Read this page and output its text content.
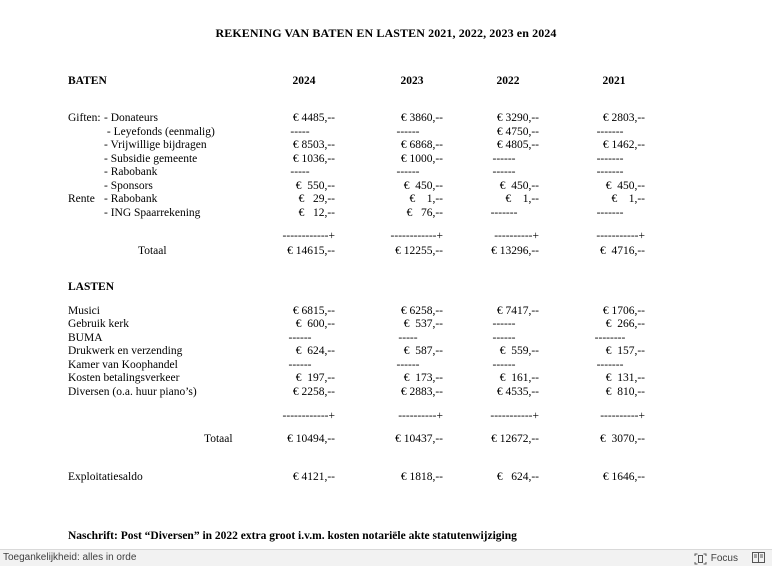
REKENING VAN BATEN EN LASTEN 2021, 2022, 2023 en 2024
BATEN	2024	2023	2022	2021
Giften: - Donateurs	€ 4485,--	€ 3860,--	€ 3290,--	€ 2803,--
- Leyefonds (eenmalig)	-----	------	€ 4750,--	-------
- Vrijwillige bijdragen	€ 8503,--	€ 6868,--	€ 4805,--	€ 1462,--
- Subsidie gemeente	€ 1036,--	€ 1000,--	------	-------
- Rabobank	-----	------	------	-------
- Sponsors	€  550,--	€  450,--	€  450,--	€  450,--
Rente - Rabobank	€   29,--	€    1,--	€    1,--	€    1,--
- ING Spaarrekening	€   12,--	€   76,--	-------	-------
------------+	------------+	----------+	-----------+
Totaal	€ 14615,--	€ 12255,--	€ 13296,--	€  4716,--
LASTEN
Musici	€ 6815,--	€ 6258,--	€ 7417,--	€ 1706,--
Gebruik kerk	€  600,--	€  537,--	------	€  266,--
BUMA	------	-----	------	--------
Drukwerk en verzending	€  624,--	€  587,--	€  559,--	€  157,--
Kamer van Koophandel	------	------	------	-------
Kosten betalingsverkeer	€  197,--	€  173,--	€  161,--	€  131,--
Diversen (o.a. huur piano’s)	€ 2258,--	€ 2883,--	€ 4535,--	€  810,--
------------+	----------+	-----------+	----------+
Totaal	€ 10494,--	€ 10437,--	€ 12672,--	€  3070,--
Exploitatiesaldo	€ 4121,--	€ 1818,--	€   624,--	€ 1646,--
Naschrift: Post “Diversen” in 2022 extra groot i.v.m. kosten notariële akte statutenwijziging
Toegankelijkheid: alles in orde	Focus
